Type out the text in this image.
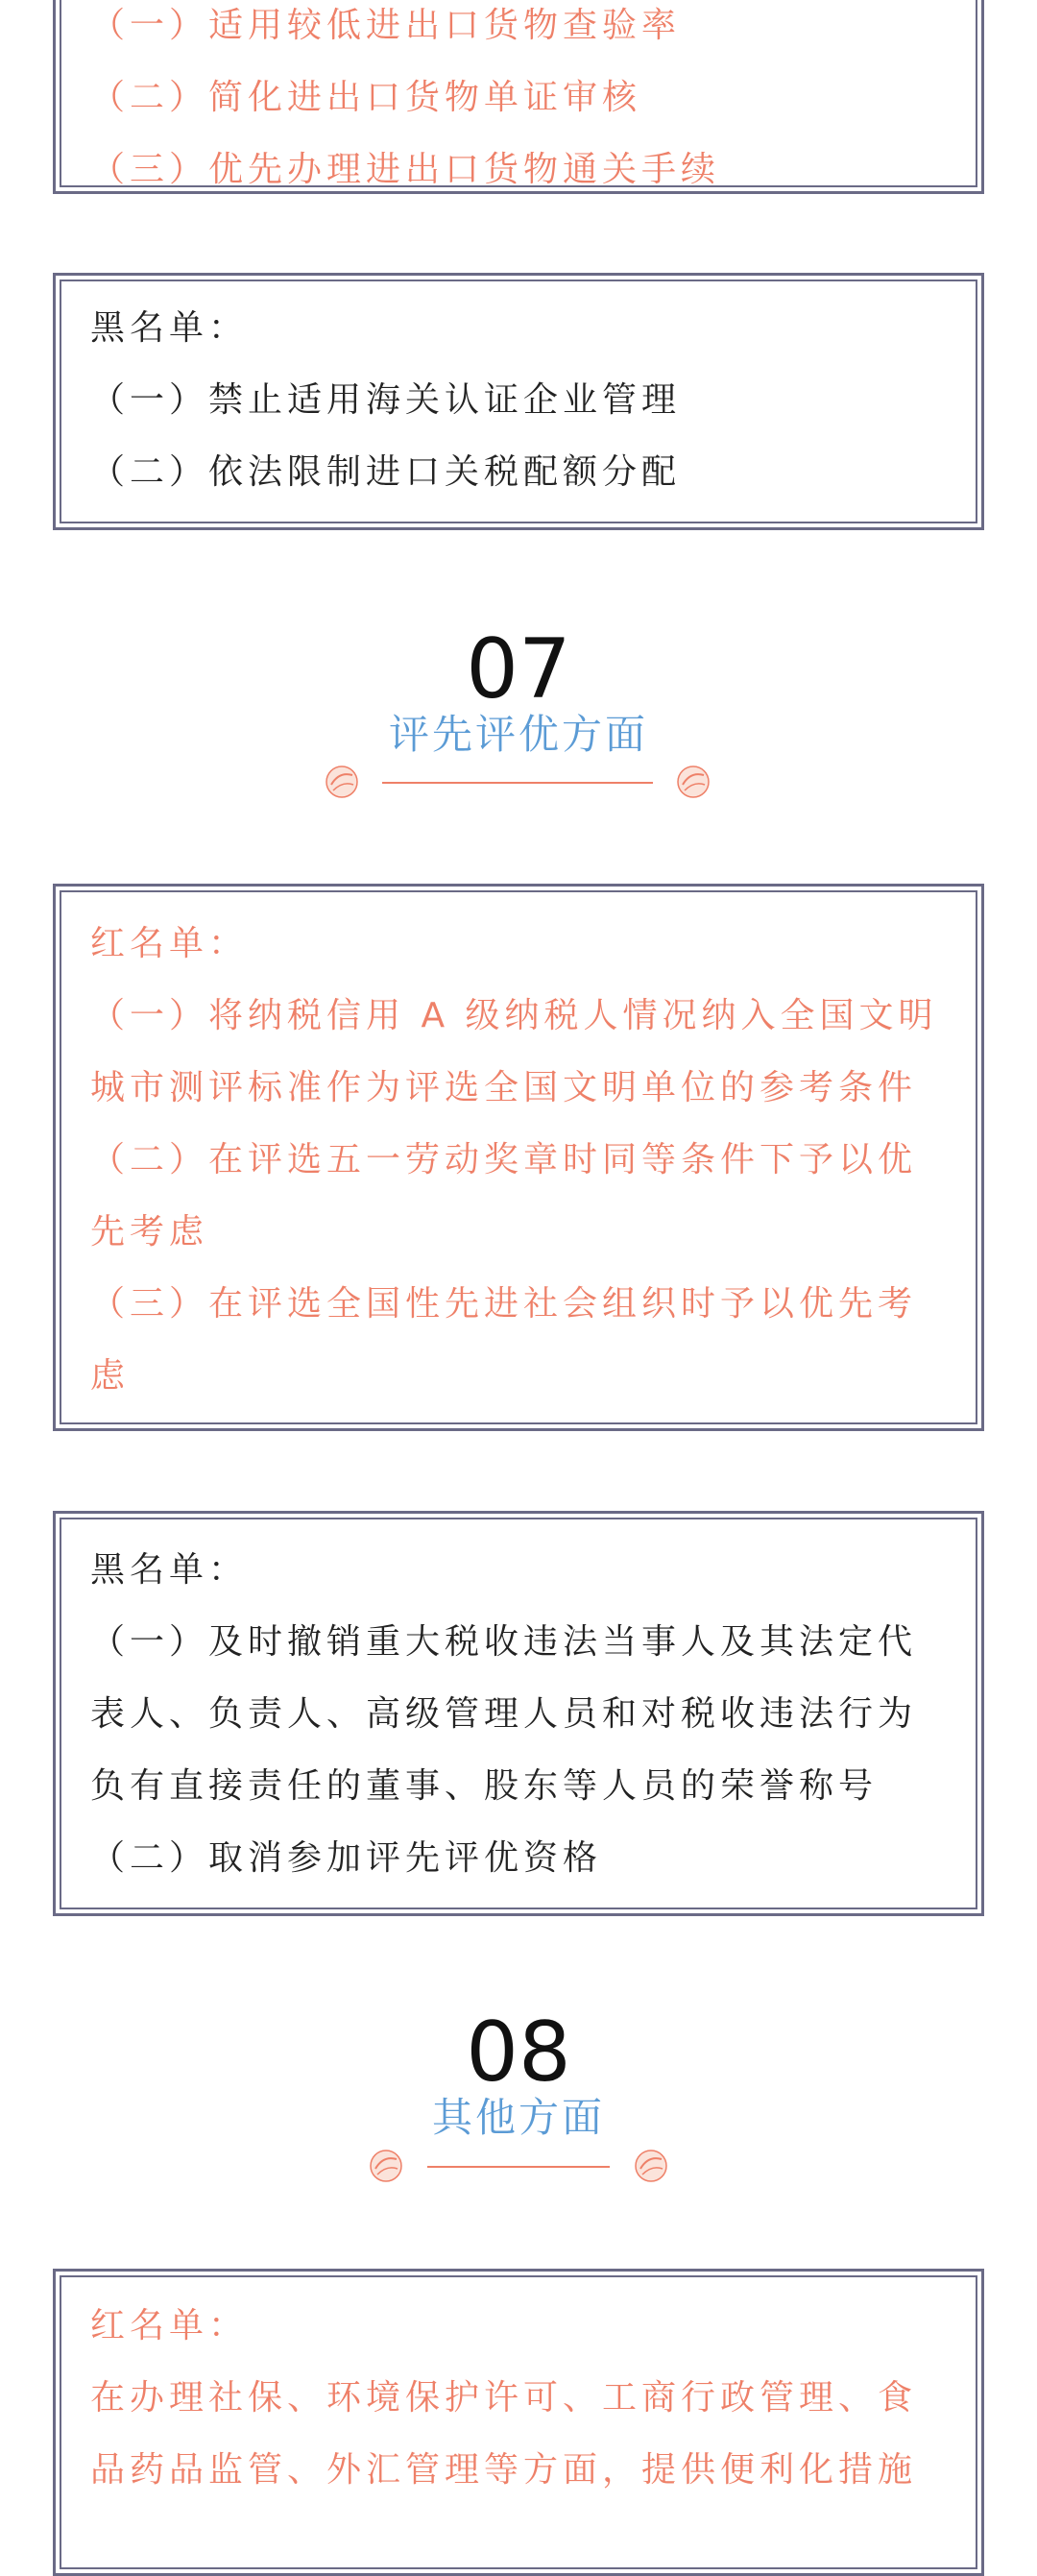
（一）适用较低进出口货物查验率

（二）简化进出口货物单证审核

（三）优先办理进出口货物通关手续

黑名单：

（一）禁止适用海关认证企业管理

（二）依法限制进口关税配额分配

07
评先评优方面

红名单：

（一）将纳税信用 A 级纳税人情况纳入全国文明

城市测评标准作为评选全国文明单位的参考条件

（二）在评选五一劳动奖章时同等条件下予以优

先考虑

（三）在评选全国性先进社会组织时予以优先考

虑

黑名单：

（一）及时撤销重大税收违法当事人及其法定代

表人、负责人、高级管理人员和对税收违法行为

负有直接责任的董事、股东等人员的荣誉称号

（二）取消参加评先评优资格

08
其他方面

红名单：

在办理社保、环境保护许可、工商行政管理、食

品药品监管、外汇管理等方面，提供便利化措施
